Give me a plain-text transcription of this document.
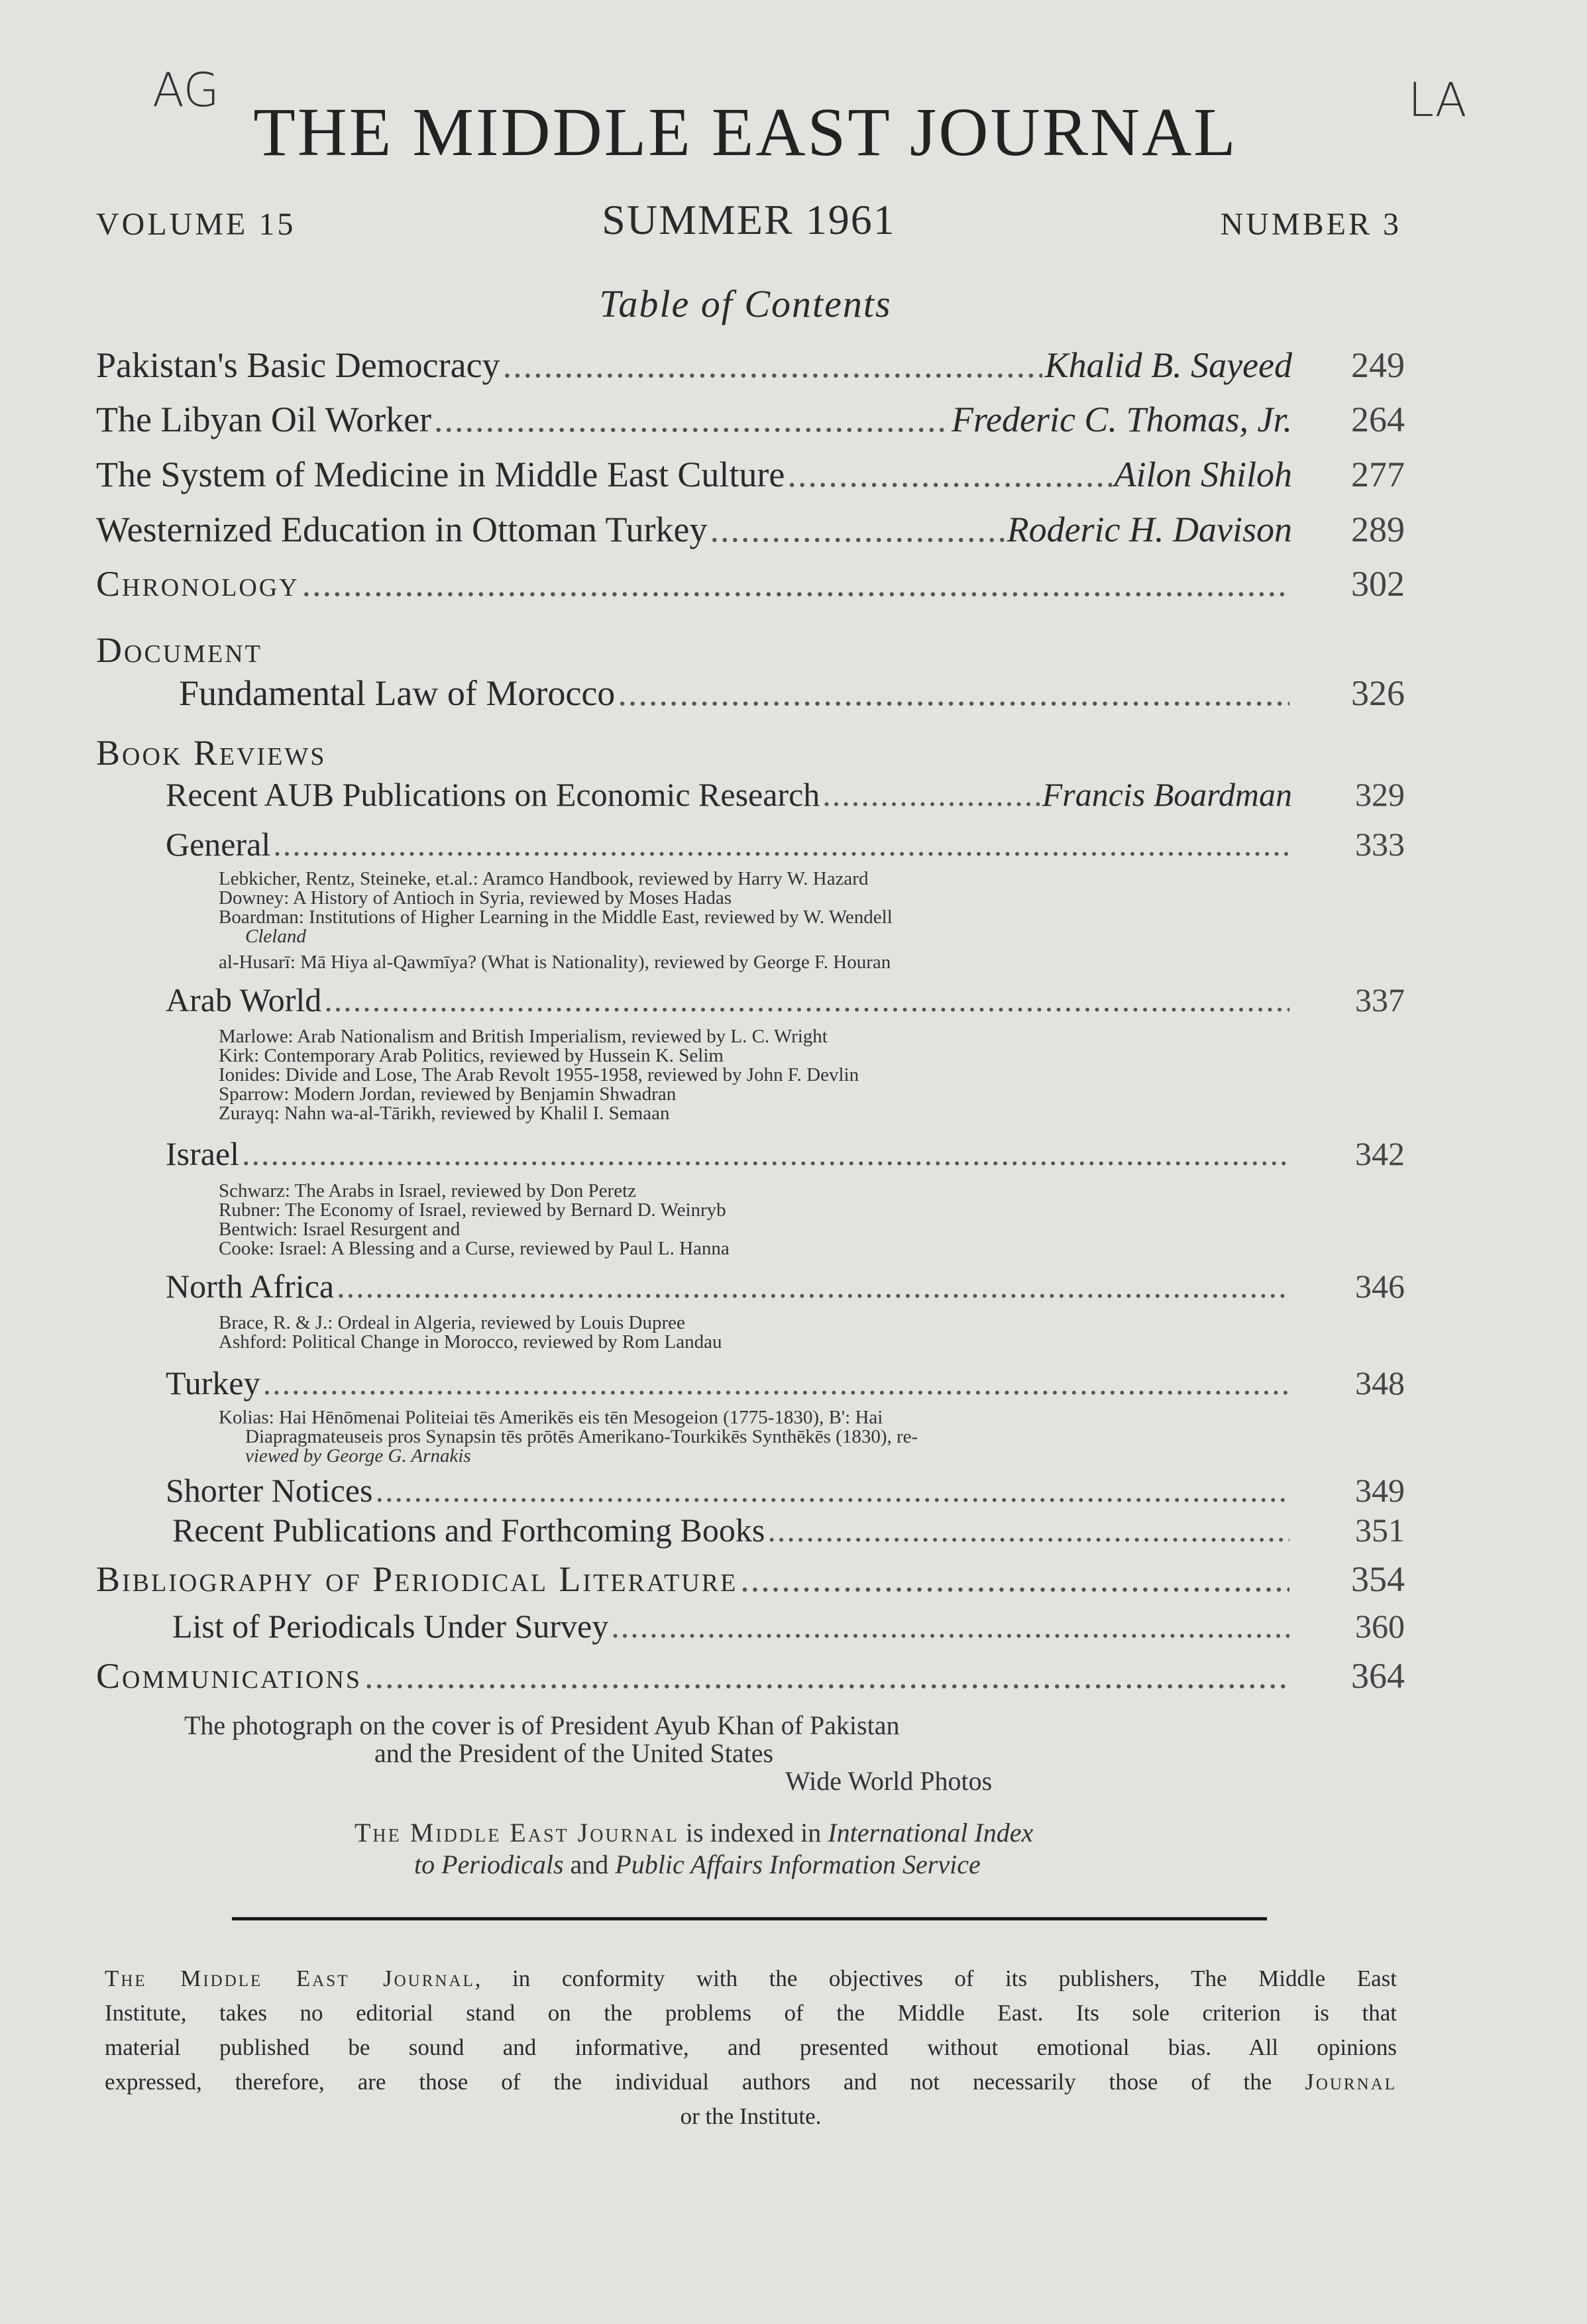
AG	LA
THE MIDDLE EAST JOURNAL
VOLUME 15	SUMMER 1961	NUMBER 3
Table of Contents
Pakistan's Basic Democracy .....	Khalid B. Sayeed	249
The Libyan Oil Worker .....	Frederic C. Thomas, Jr.	264
The System of Medicine in Middle East Culture .....	Ailon Shiloh	277
Westernized Education in Ottoman Turkey .....	Roderic H. Davison	289
Chronology .....	302
Document
Fundamental Law of Morocco .....	326
Book Reviews
Recent AUB Publications on Economic Research .....	Francis Boardman	329
General .....	333
Lebkicher, Rentz, Steineke, et.al.: Aramco Handbook, reviewed by Harry W. Hazard
Downey: A History of Antioch in Syria, reviewed by Moses Hadas
Boardman: Institutions of Higher Learning in the Middle East, reviewed by W. Wendell
Cleland
al-Husarī: Mā Hiya al-Qawmīya? (What is Nationality), reviewed by George F. Houran
Arab World .....	337
Marlowe: Arab Nationalism and British Imperialism, reviewed by L. C. Wright
Kirk: Contemporary Arab Politics, reviewed by Hussein K. Selim
Ionides: Divide and Lose, The Arab Revolt 1955-1958, reviewed by John F. Devlin
Sparrow: Modern Jordan, reviewed by Benjamin Shwadran
Zurayq: Nahn wa-al-Tārikh, reviewed by Khalil I. Semaan
Israel .....	342
Schwarz: The Arabs in Israel, reviewed by Don Peretz
Rubner: The Economy of Israel, reviewed by Bernard D. Weinryb
Bentwich: Israel Resurgent and
Cooke: Israel: A Blessing and a Curse, reviewed by Paul L. Hanna
North Africa .....	346
Brace, R. & J.: Ordeal in Algeria, reviewed by Louis Dupree
Ashford: Political Change in Morocco, reviewed by Rom Landau
Turkey .....	348
Kolias: Hai Hēnōmenai Politeiai tēs Amerikēs eis tēn Mesogeion (1775-1830), B': Hai
Diapragmateuseis pros Synapsin tēs prōtēs Amerikano-Tourkikēs Synthēkēs (1830), re-
viewed by George G. Arnakis
Shorter Notices .....	349
Recent Publications and Forthcoming Books .....	351
Bibliography of Periodical Literature .....	354
List of Periodicals Under Survey .....	360
Communications .....	364
The photograph on the cover is of President Ayub Khan of Pakistan
and the President of the United States
Wide World Photos
The Middle East Journal is indexed in International Index
to Periodicals and Public Affairs Information Service
The Middle East Journal, in conformity with the objectives of its publishers, The Middle East
Institute, takes no editorial stand on the problems of the Middle East. Its sole criterion is that
material published be sound and informative, and presented without emotional bias. All opinions
expressed, therefore, are those of the individual authors and not necessarily those of the Journal
or the Institute.
